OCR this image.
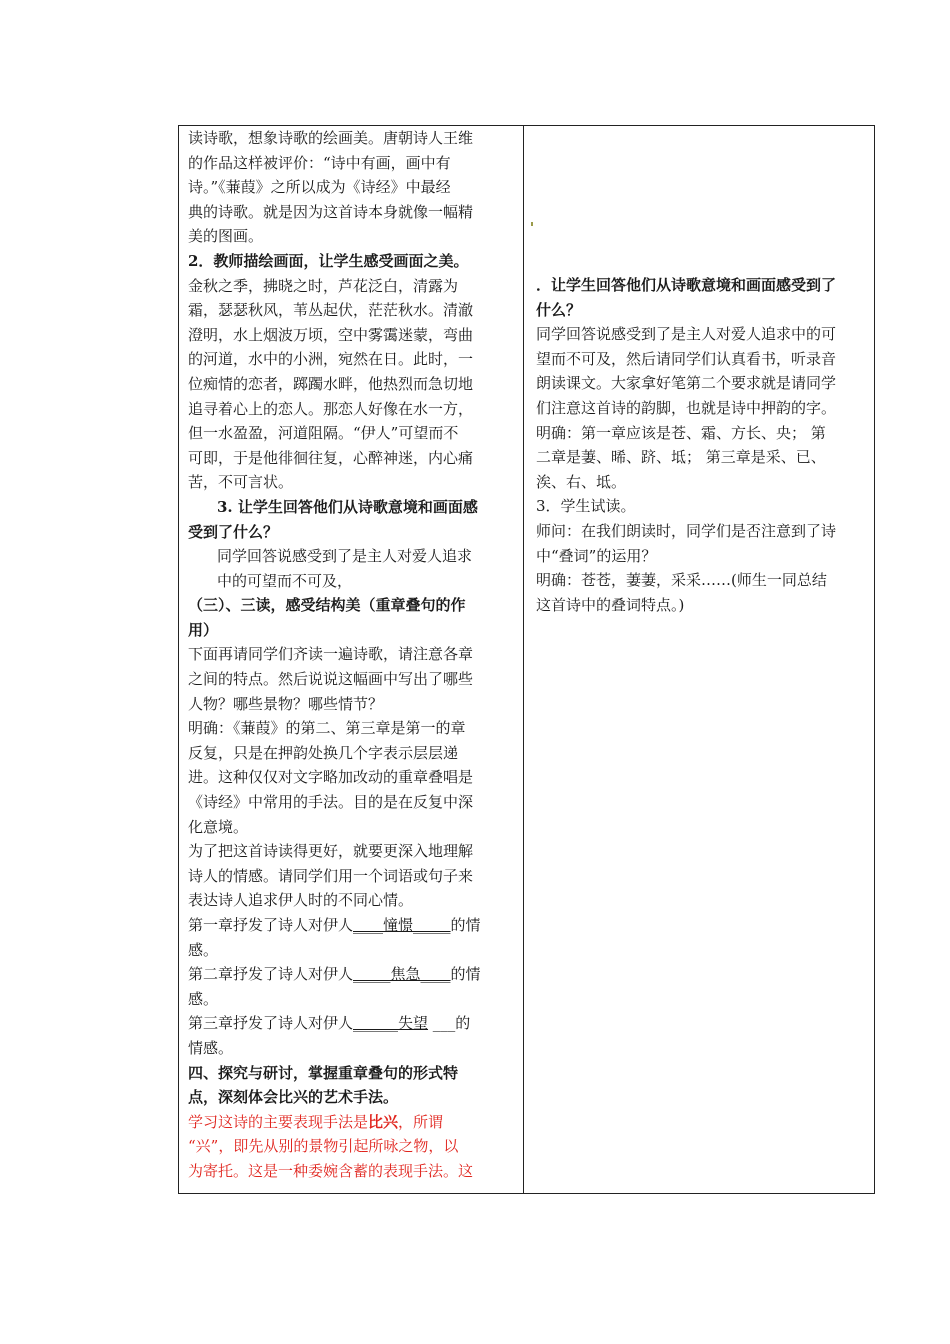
读诗歌，想象诗歌的绘画美。唐朝诗人王维

的作品这样被评价：“诗中有画，画中有

诗。”《蒹葭》之所以成为《诗经》中最经

典的诗歌。就是因为这首诗本身就像一幅精

美的图画。

2．教师描绘画面，让学生感受画面之美。

金秋之季，拂晓之时，芦花泛白，清露为

霜，瑟瑟秋风，苇丛起伏，茫茫秋水。清澈

澄明，水上烟波万顷，空中雾霭迷蒙，弯曲

的河道，水中的小洲，宛然在日。此时，一

位痴情的恋者，踯躅水畔，他热烈而急切地

追寻着心上的恋人。那恋人好像在水一方，

但一水盈盈，河道阻隔。“伊人”可望而不

可即，于是他徘徊往复，心醉神迷，内心痛

苦，不可言状。

3. 让学生回答他们从诗歌意境和画面感

受到了什么？

同学回答说感受到了是主人对爱人追求

中的可望而不可及，

（三）、三读，感受结构美（重章叠句的作

用）

下面再请同学们齐读一遍诗歌，请注意各章

之间的特点。然后说说这幅画中写出了哪些

人物？哪些景物？哪些情节？

明确：《蒹葭》的第二、第三章是第一的章

反复，只是在押韵处换几个字表示层层递

进。这种仅仅对文字略加改动的重章叠唱是

《诗经》中常用的手法。目的是在反复中深

化意境。

为了把这首诗读得更好，就要更深入地理解

诗人的情感。请同学们用一个词语或句子来

表达诗人追求伊人时的不同心情。

第一章抒发了诗人对伊人____憧憬_____的情

感。

第二章抒发了诗人对伊人_____焦急____的情

感。

第三章抒发了诗人对伊人______失望 ___的

情感。

四、探究与研讨，掌握重章叠句的形式特

点，深刻体会比兴的艺术手法。

学习这诗的主要表现手法是比兴，所谓

“兴”，即先从别的景物引起所咏之物，以

为寄托。这是一种委婉含蓄的表现手法。这

．让学生回答他们从诗歌意境和画面感受到了

什么？

同学回答说感受到了是主人对爱人追求中的可

望而不可及，然后请同学们认真看书，听录音

朗读课文。大家拿好笔第二个要求就是请同学

们注意这首诗的韵脚，也就是诗中押韵的字。

明确：第一章应该是苍、霜、方长、央； 第

二章是萋、晞、跻、坻； 第三章是采、已、

涘、右、坻。

3．学生试读。

师问：在我们朗读时，同学们是否注意到了诗

中“叠词”的运用？

明确：苍苍，萋萋，采采……(师生一同总结

这首诗中的叠词特点。)
